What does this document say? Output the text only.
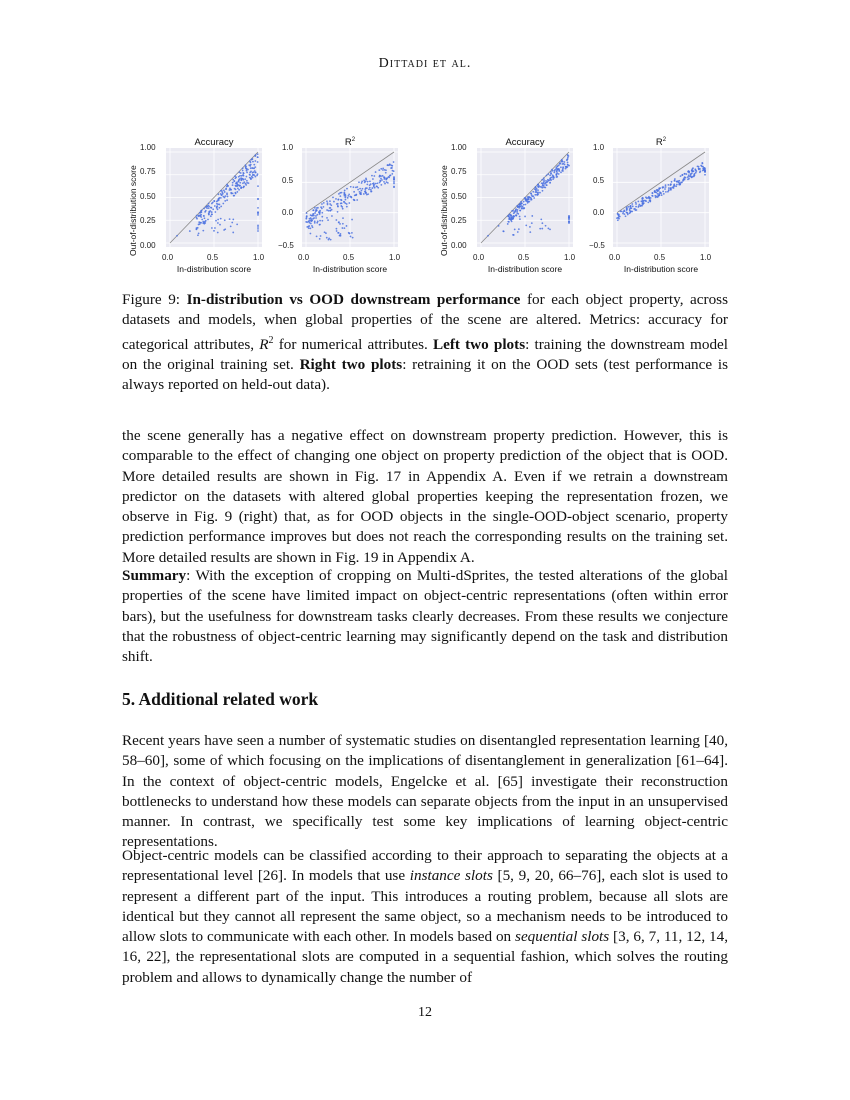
Dittadi et al.
Accuracy
1.00
0.75
0.50
0.25
0.00
0.0	0.5	1.0
In-distribution score
Out-of-distribution score
$R^2$
1.0
0.5
0.0
−0.5
0.0	0.5	1.0
In-distribution score
Accuracy
1.00
0.75
0.50
0.25
0.00
0.0	0.5	1.0
In-distribution score
Out-of-distribution score
$R^2$
1.0
0.5
0.0
−0.5
0.0	0.5	1.0
In-distribution score
Figure 9: In-distribution vs OOD downstream performance for each object property, across datasets and models, when global properties of the scene are altered. Metrics: accuracy for categorical attributes, $R^2$ for numerical attributes. Left two plots: training the downstream model on the original training set. Right two plots: retraining it on the OOD sets (test performance is always reported on held-out data).
the scene generally has a negative effect on downstream property prediction. However, this is comparable to the effect of changing one object on property prediction of the object that is OOD. More detailed results are shown in Fig. 17 in Appendix A. Even if we retrain a downstream predictor on the datasets with altered global properties keeping the representation frozen, we observe in Fig. 9 (right) that, as for OOD objects in the single-OOD-object scenario, property prediction performance improves but does not reach the corresponding results on the training set. More detailed results are shown in Fig. 19 in Appendix A.
Summary: With the exception of cropping on Multi-dSprites, the tested alterations of the global properties of the scene have limited impact on object-centric representations (often within error bars), but the usefulness for downstream tasks clearly decreases. From these results we conjecture that the robustness of object-centric learning may significantly depend on the task and distribution shift.
5. Additional related work
Recent years have seen a number of systematic studies on disentangled representation learning [40, 58–60], some of which focusing on the implications of disentanglement in generalization [61–64]. In the context of object-centric models, Engelcke et al. [65] investigate their reconstruction bottlenecks to understand how these models can separate objects from the input in an unsupervised manner. In contrast, we specifically test some key implications of learning object-centric representations.
Object-centric models can be classified according to their approach to separating the objects at a representational level [26]. In models that use instance slots [5, 9, 20, 66–76], each slot is used to represent a different part of the input. This introduces a routing problem, because all slots are identical but they cannot all represent the same object, so a mechanism needs to be introduced to allow slots to communicate with each other. In models based on sequential slots [3, 6, 7, 11, 12, 14, 16, 22], the representational slots are computed in a sequential fashion, which solves the routing problem and allows to dynamically change the number of
12
